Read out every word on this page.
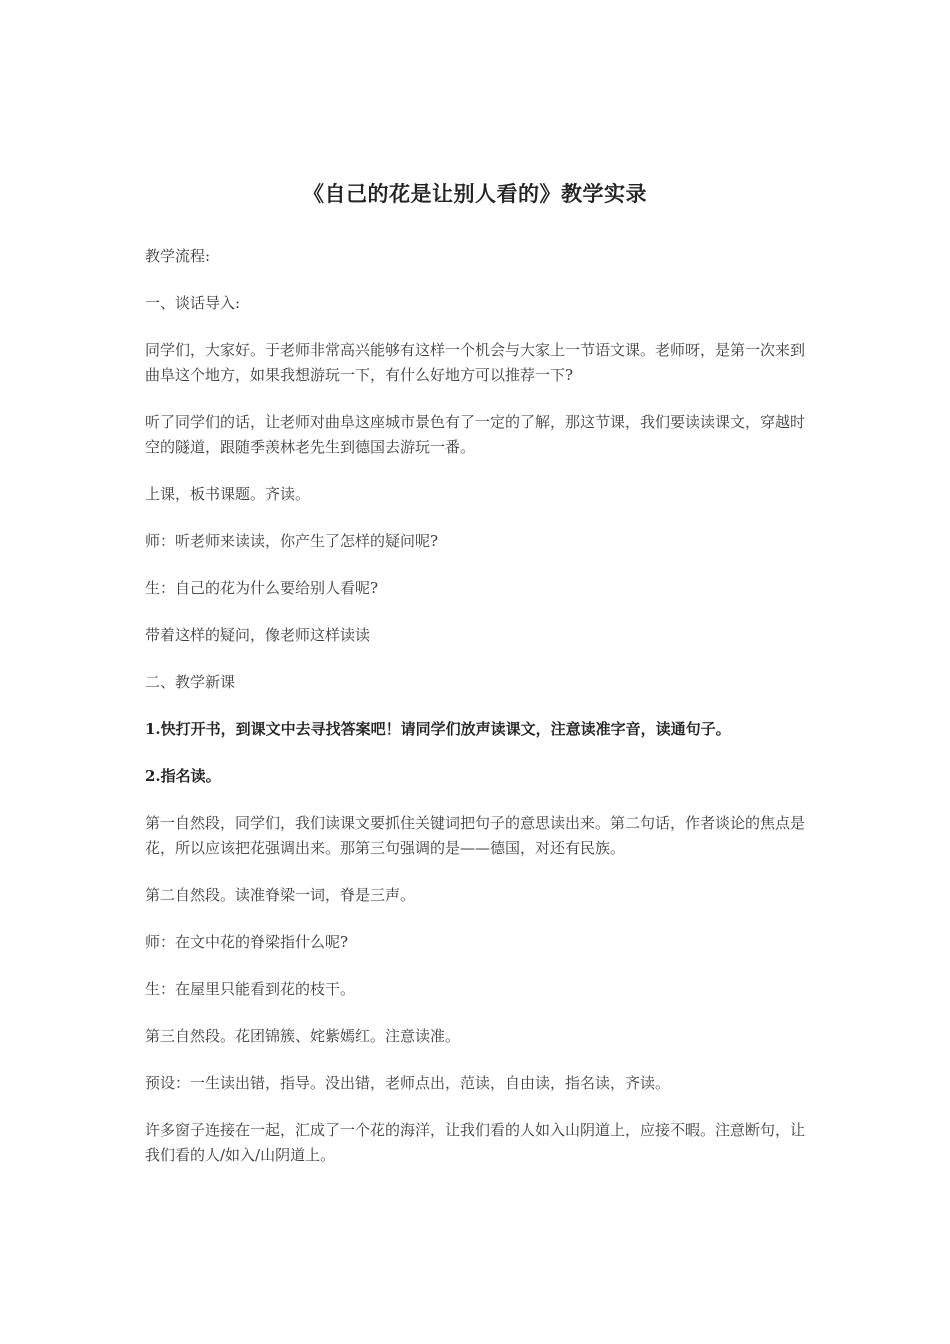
《自己的花是让别人看的》教学实录

教学流程:

一、谈话导入:

同学们，大家好。于老师非常高兴能够有这样一个机会与大家上一节语文课。老师呀，是第一次来到曲阜这个地方，如果我想游玩一下，有什么好地方可以推荐一下?

听了同学们的话，让老师对曲阜这座城市景色有了一定的了解，那这节课，我们要读读课文，穿越时空的隧道，跟随季羡林老先生到德国去游玩一番。

上课，板书课题。齐读。

师：听老师来读读，你产生了怎样的疑问呢?

生：自己的花为什么要给别人看呢?

带着这样的疑问，像老师这样读读

二、教学新课

1.快打开书，到课文中去寻找答案吧！请同学们放声读课文，注意读准字音，读通句子。

2.指名读。

第一自然段，同学们，我们读课文要抓住关键词把句子的意思读出来。第二句话，作者谈论的焦点是花，所以应该把花强调出来。那第三句强调的是——德国，对还有民族。

第二自然段。读准脊梁一词，脊是三声。

师：在文中花的脊梁指什么呢?

生：在屋里只能看到花的枝干。

第三自然段。花团锦簇、姹紫嫣红。注意读准。

预设：一生读出错，指导。没出错，老师点出，范读，自由读，指名读，齐读。

许多窗子连接在一起，汇成了一个花的海洋，让我们看的人如入山阴道上，应接不暇。注意断句，让我们看的人/如入/山阴道上。
